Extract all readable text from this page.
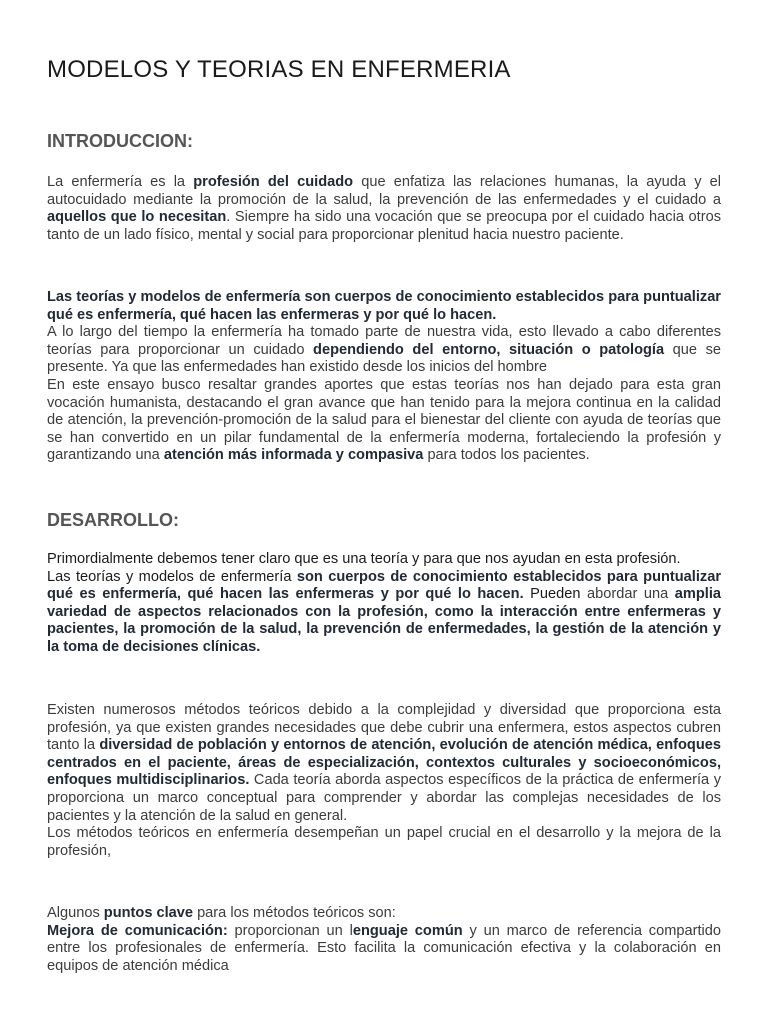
MODELOS Y TEORIAS EN ENFERMERIA
INTRODUCCION:

La enfermería es la profesión del cuidado que enfatiza las relaciones humanas, la ayuda y el autocuidado mediante la promoción de la salud, la prevención de las enfermedades y el cuidado a aquellos que lo necesitan. Siempre ha sido una vocación que se preocupa por el cuidado hacia otros tanto de un lado físico, mental y social para proporcionar plenitud hacia nuestro paciente.

Las teorías y modelos de enfermería son cuerpos de conocimiento establecidos para puntualizar qué es enfermería, qué hacen las enfermeras y por qué lo hacen.

A lo largo del tiempo la enfermería ha tomado parte de nuestra vida, esto llevado a cabo diferentes teorías para proporcionar un cuidado dependiendo del entorno, situación o patología que se presente. Ya que las enfermedades han existido desde los inicios del hombre

En este ensayo busco resaltar grandes aportes que estas teorías nos han dejado para esta gran vocación humanista, destacando el gran avance que han tenido para la mejora continua en la calidad de atención, la prevención-promoción de la salud para el bienestar del cliente con ayuda de teorías que se han convertido en un pilar fundamental de la enfermería moderna, fortaleciendo la profesión y garantizando una atención más informada y compasiva para todos los pacientes.

DESARROLLO:

Primordialmente debemos tener claro que es una teoría y para que nos ayudan en esta profesión.

Las teorías y modelos de enfermería son cuerpos de conocimiento establecidos para puntualizar qué es enfermería, qué hacen las enfermeras y por qué lo hacen. Pueden abordar una amplia variedad de aspectos relacionados con la profesión, como la interacción entre enfermeras y pacientes, la promoción de la salud, la prevención de enfermedades, la gestión de la atención y la toma de decisiones clínicas.

Existen numerosos métodos teóricos debido a la complejidad y diversidad que proporciona esta profesión, ya que existen grandes necesidades que debe cubrir una enfermera, estos aspectos cubren tanto la diversidad de población y entornos de atención, evolución de atención médica, enfoques centrados en el paciente, áreas de especialización, contextos culturales y socioeconómicos, enfoques multidisciplinarios. Cada teoría aborda aspectos específicos de la práctica de enfermería y proporciona un marco conceptual para comprender y abordar las complejas necesidades de los pacientes y la atención de la salud en general.

Los métodos teóricos en enfermería desempeñan un papel crucial en el desarrollo y la mejora de la profesión,

Algunos puntos clave para los métodos teóricos son:

Mejora de comunicación: proporcionan un lenguaje común y un marco de referencia compartido entre los profesionales de enfermería. Esto facilita la comunicación efectiva y la colaboración en equipos de atención médica
